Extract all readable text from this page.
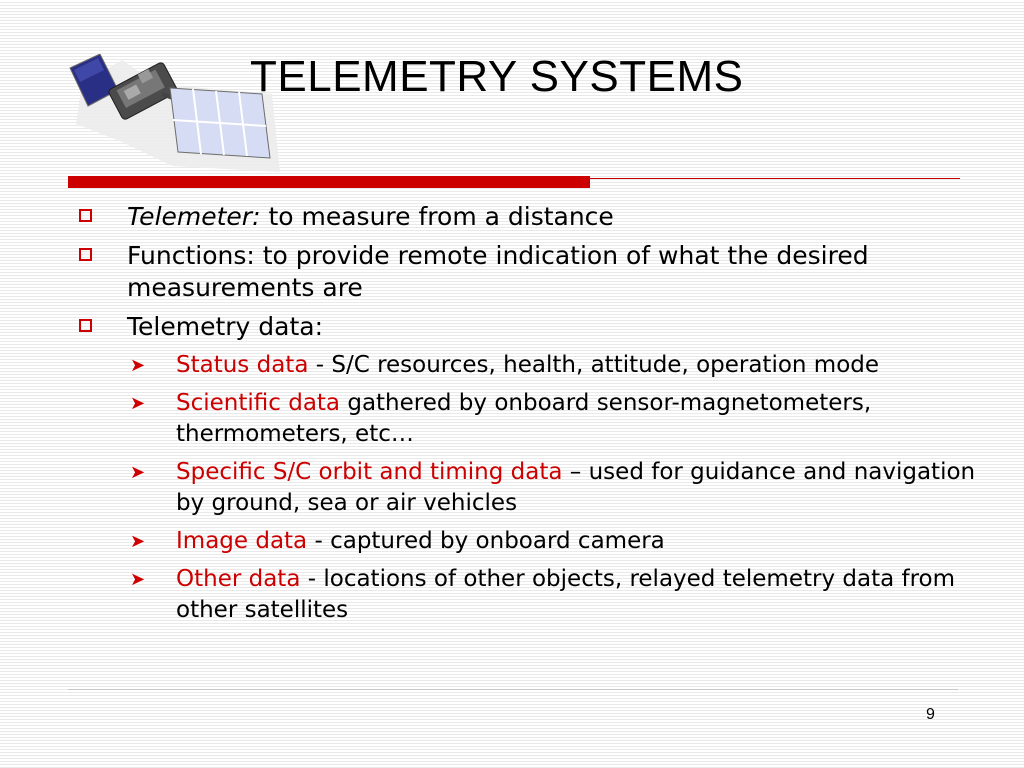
TELEMETRY SYSTEMS
Telemeter: to measure from a distance
Functions: to provide remote indication of what the desired measurements are
Telemetry data:
➤ Status data - S/C resources, health, attitude, operation mode
➤ Scientific data gathered by onboard sensor-magnetometers, thermometers, etc…
➤ Specific S/C orbit and timing data – used for guidance and navigation by ground, sea or air vehicles
➤ Image data - captured by onboard camera
➤ Other data - locations of other objects, relayed telemetry data from other satellites
9
